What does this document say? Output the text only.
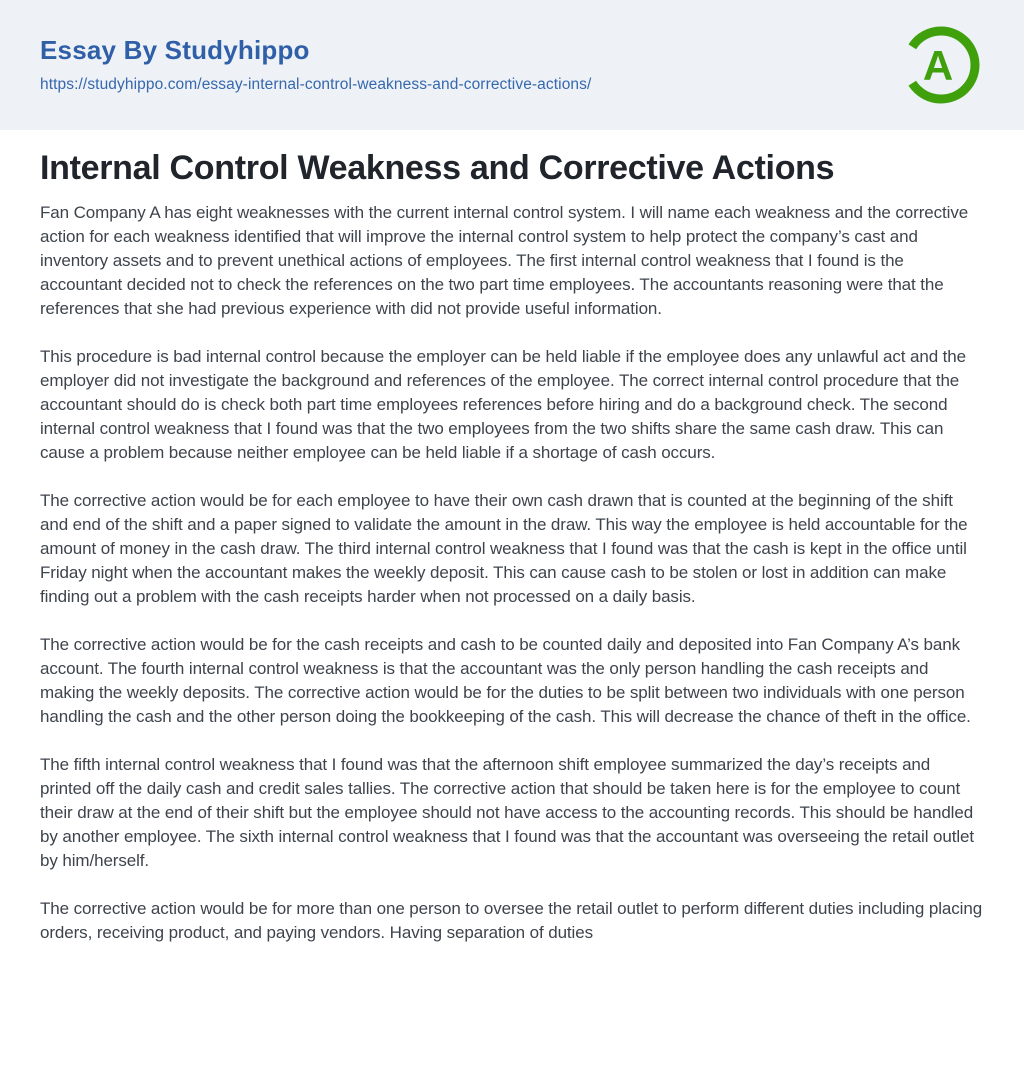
Essay By Studyhippo
https://studyhippo.com/essay-internal-control-weakness-and-corrective-actions/	A
Internal Control Weakness and Corrective Actions

Fan Company A has eight weaknesses with the current internal control system. I will name each weakness and the corrective action for each weakness identified that will improve the internal control system to help protect the company’s cast and inventory assets and to prevent unethical actions of employees. The first internal control weakness that I found is the accountant decided not to check the references on the two part time employees. The accountants reasoning were that the references that she had previous experience with did not provide useful information.

This procedure is bad internal control because the employer can be held liable if the employee does any unlawful act and the employer did not investigate the background and references of the employee. The correct internal control procedure that the accountant should do is check both part time employees references before hiring and do a background check. The second internal control weakness that I found was that the two employees from the two shifts share the same cash draw. This can cause a problem because neither employee can be held liable if a shortage of cash occurs.

The corrective action would be for each employee to have their own cash drawn that is counted at the beginning of the shift and end of the shift and a paper signed to validate the amount in the draw. This way the employee is held accountable for the amount of money in the cash draw. The third internal control weakness that I found was that the cash is kept in the office until Friday night when the accountant makes the weekly deposit. This can cause cash to be stolen or lost in addition can make finding out a problem with the cash receipts harder when not processed on a daily basis.

The corrective action would be for the cash receipts and cash to be counted daily and deposited into Fan Company A’s bank account. The fourth internal control weakness is that the accountant was the only person handling the cash receipts and making the weekly deposits. The corrective action would be for the duties to be split between two individuals with one person handling the cash and the other person doing the bookkeeping of the cash. This will decrease the chance of theft in the office.

The fifth internal control weakness that I found was that the afternoon shift employee summarized the day’s receipts and printed off the daily cash and credit sales tallies. The corrective action that should be taken here is for the employee to count their draw at the end of their shift but the employee should not have access to the accounting records. This should be handled by another employee. The sixth internal control weakness that I found was that the accountant was overseeing the retail outlet by him/herself.

The corrective action would be for more than one person to oversee the retail outlet to perform different duties including placing orders, receiving product, and paying vendors. Having separation of duties
